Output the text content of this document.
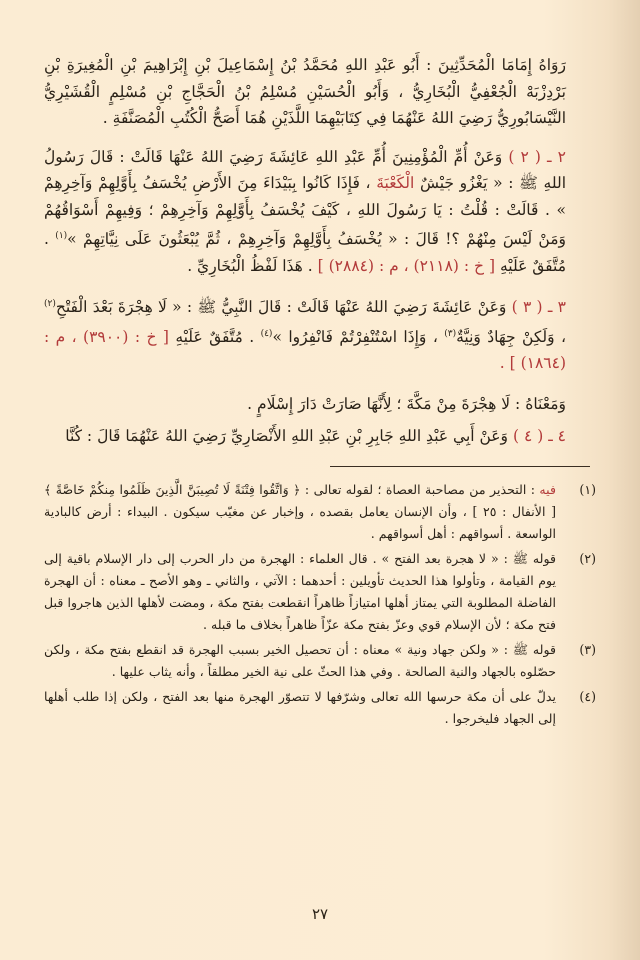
رَوَاهُ إِمَامَا الْمُحَدِّثِينَ : أَبُو عَبْدِ اللهِ مُحَمَّدُ بْنُ إِسْمَاعِيلَ بْنِ إِبْرَاهِيمَ بْنِ الْمُغِيرَةِ بْنِ بَرْدِزْبَهْ الْجُعْفِيُّ الْبُخَارِيُّ ، وَأَبُو الْحُسَيْنِ مُسْلِمُ بْنُ الْحَجَّاجِ بْنِ مُسْلِمٍ الْقُشَيْرِيُّ النَّيْسَابُورِيُّ رَضِيَ اللهُ عَنْهُمَا فِي كِتَابَيْهِمَا اللَّذَيْنِ هُمَا أَصَحُّ الْكُتُبِ الْمُصَنَّفَةِ .

٢ ـ ( ٢ ) وَعَنْ أُمِّ الْمُؤْمِنِينَ أُمِّ عَبْدِ اللهِ عَائِشَةَ رَضِيَ اللهُ عَنْهَا قَالَتْ : قَالَ رَسُولُ اللهِ ﷺ : « يَغْزُو جَيْشٌ الْكَعْبَةَ ، فَإِذَا كَانُوا بِبَيْدَاءَ مِنَ الأَرْضِ يُخْسَفُ بِأَوَّلِهِمْ وَآخِرِهِمْ » . قَالَتْ : قُلْتُ : يَا رَسُولَ اللهِ ، كَيْفَ يُخْسَفُ بِأَوَّلِهِمْ وَآخِرِهِمْ ؛ وَفِيهِمْ أَسْوَاقُهُمْ وَمَنْ لَيْسَ مِنْهُمْ ؟! قَالَ : « يُخْسَفُ بِأَوَّلِهِمْ وَآخِرِهِمْ ، ثُمَّ يُبْعَثُونَ عَلَى نِيَّاتِهِمْ »$^{(١)}$ . مُتَّفَقٌ عَلَيْهِ [ خ : (٢١١٨) ، م : (٢٨٨٤) ] . هَذَا لَفْظُ الْبُخَارِيِّ .

٣ ـ ( ٣ ) وَعَنْ عَائِشَةَ رَضِيَ اللهُ عَنْهَا قَالَتْ : قَالَ النَّبِيُّ ﷺ : « لَا هِجْرَةَ بَعْدَ الْفَتْحِ$^{(٢)}$ ، وَلَكِنْ جِهَادٌ وَنِيَّةٌ$^{(٣)}$ ، وَإِذَا اسْتُنْفِرْتُمْ فَانْفِرُوا »$^{(٤)}$ . مُتَّفَقٌ عَلَيْهِ [ خ : (٣٩٠٠) ، م : (١٨٦٤) ] .

وَمَعْنَاهُ : لَا هِجْرَةَ مِنْ مَكَّةَ ؛ لِأَنَّهَا صَارَتْ دَارَ إِسْلَامٍ .

٤ ـ ( ٤ ) وَعَنْ أَبِي عَبْدِ اللهِ جَابِرِ بْنِ عَبْدِ اللهِ الأَنْصَارِيِّ رَضِيَ اللهُ عَنْهُمَا قَالَ : كُنَّا

(١)
فيه : التحذير من مصاحبة العصاة ؛ لقوله تعالى : ﴿ وَاتَّقُوا فِتْنَةً لَا تُصِيبَنَّ الَّذِينَ ظَلَمُوا مِنكُمْ خَاصَّةً ﴾ [ الأنفال : ٢٥ ] ، وأن الإنسان يعامل بقصده ، وإخبار عن مغيّب سيكون . البيداء : أرض كالبادية الواسعة . أسواقهم : أهل أسواقهم .
(٢)
قوله ﷺ : « لا هجرة بعد الفتح » . قال العلماء : الهجرة من دار الحرب إلى دار الإسلام باقية إلى يوم القيامة ، وتأولوا هذا الحديث تأويلين : أحدهما : الآتي ، والثاني ـ وهو الأصح ـ معناه : أن الهجرة الفاضلة المطلوبة التي يمتاز أهلها امتيازاً ظاهراً انقطعت بفتح مكة ، ومضت لأهلها الذين هاجروا قبل فتح مكة ؛ لأن الإسلام قوي وعزّ بفتح مكة عزّاً ظاهراً بخلاف ما قبله .
(٣)
قوله ﷺ : « ولكن جهاد ونية » معناه : أن تحصيل الخير بسبب الهجرة قد انقطع بفتح مكة ، ولكن حصّلوه بالجهاد والنية الصالحة . وفي هذا الحثّ على نية الخير مطلقاً ، وأنه يثاب عليها .
(٤)
يدلّ على أن مكة حرسها الله تعالى وشرّفها لا تتصوّر الهجرة منها بعد الفتح ، ولكن إذا طلب أهلها إلى الجهاد فليخرجوا .
٢٧
